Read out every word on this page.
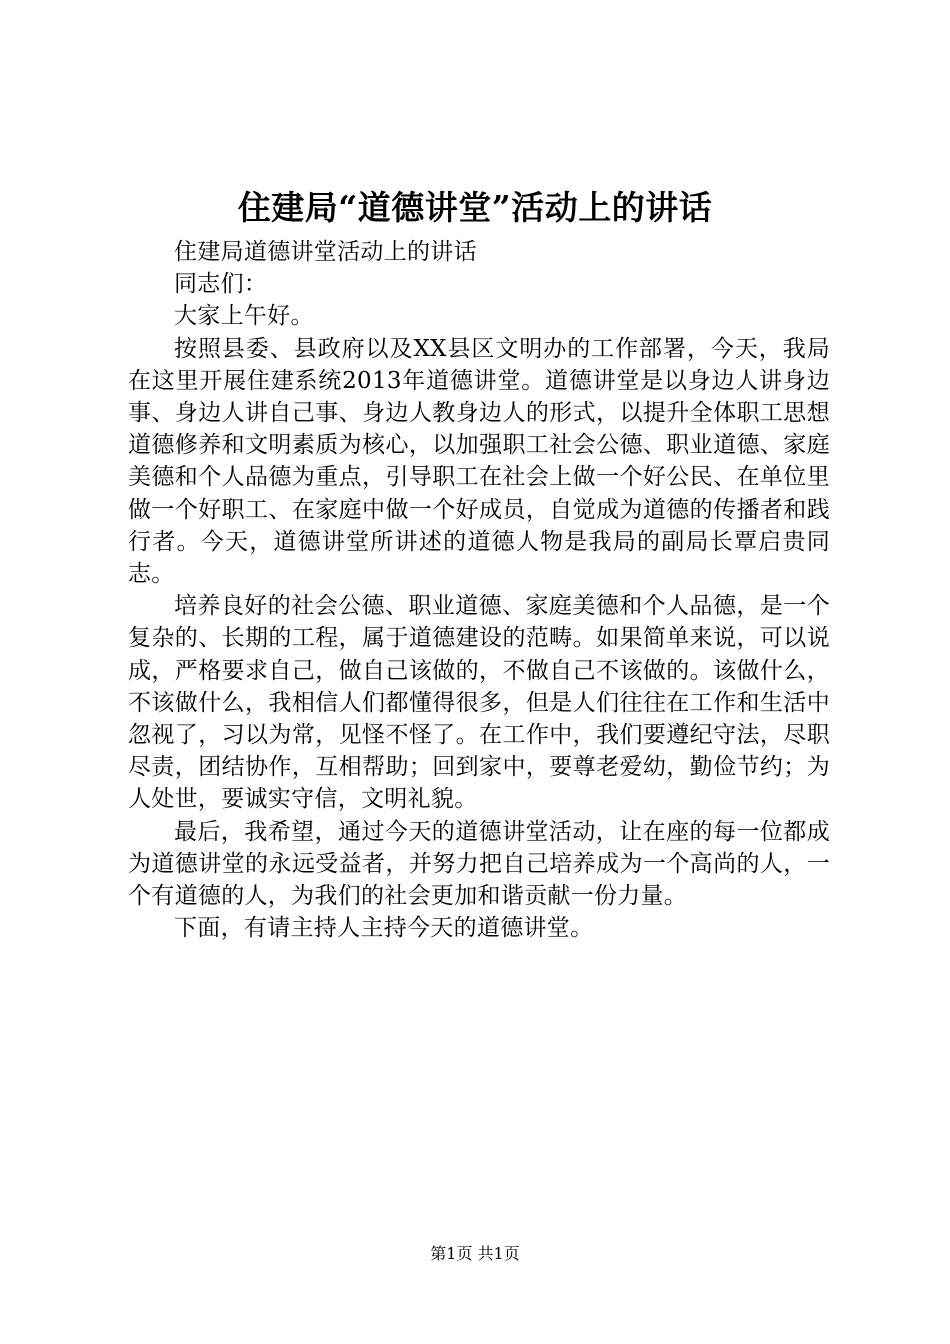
住建局“道德讲堂”活动上的讲话

住建局道德讲堂活动上的讲话

同志们：

大家上午好。

按照县委、县政府以及XX县区文明办的工作部署，今天，我局在这里开展住建系统2013年道德讲堂。道德讲堂是以身边人讲身边事、身边人讲自己事、身边人教身边人的形式，以提升全体职工思想道德修养和文明素质为核心，以加强职工社会公德、职业道德、家庭美德和个人品德为重点，引导职工在社会上做一个好公民、在单位里做一个好职工、在家庭中做一个好成员，自觉成为道德的传播者和践行者。今天，道德讲堂所讲述的道德人物是我局的副局长覃启贵同志。

培养良好的社会公德、职业道德、家庭美德和个人品德，是一个复杂的、长期的工程，属于道德建设的范畴。如果简单来说，可以说成，严格要求自己，做自己该做的，不做自己不该做的。该做什么，不该做什么，我相信人们都懂得很多，但是人们往往在工作和生活中忽视了，习以为常，见怪不怪了。在工作中，我们要遵纪守法，尽职尽责，团结协作，互相帮助；回到家中，要尊老爱幼，勤俭节约；为人处世，要诚实守信，文明礼貌。

最后，我希望，通过今天的道德讲堂活动，让在座的每一位都成为道德讲堂的永远受益者，并努力把自己培养成为一个高尚的人，一个有道德的人，为我们的社会更加和谐贡献一份力量。

下面，有请主持人主持今天的道德讲堂。

第1页 共1页
